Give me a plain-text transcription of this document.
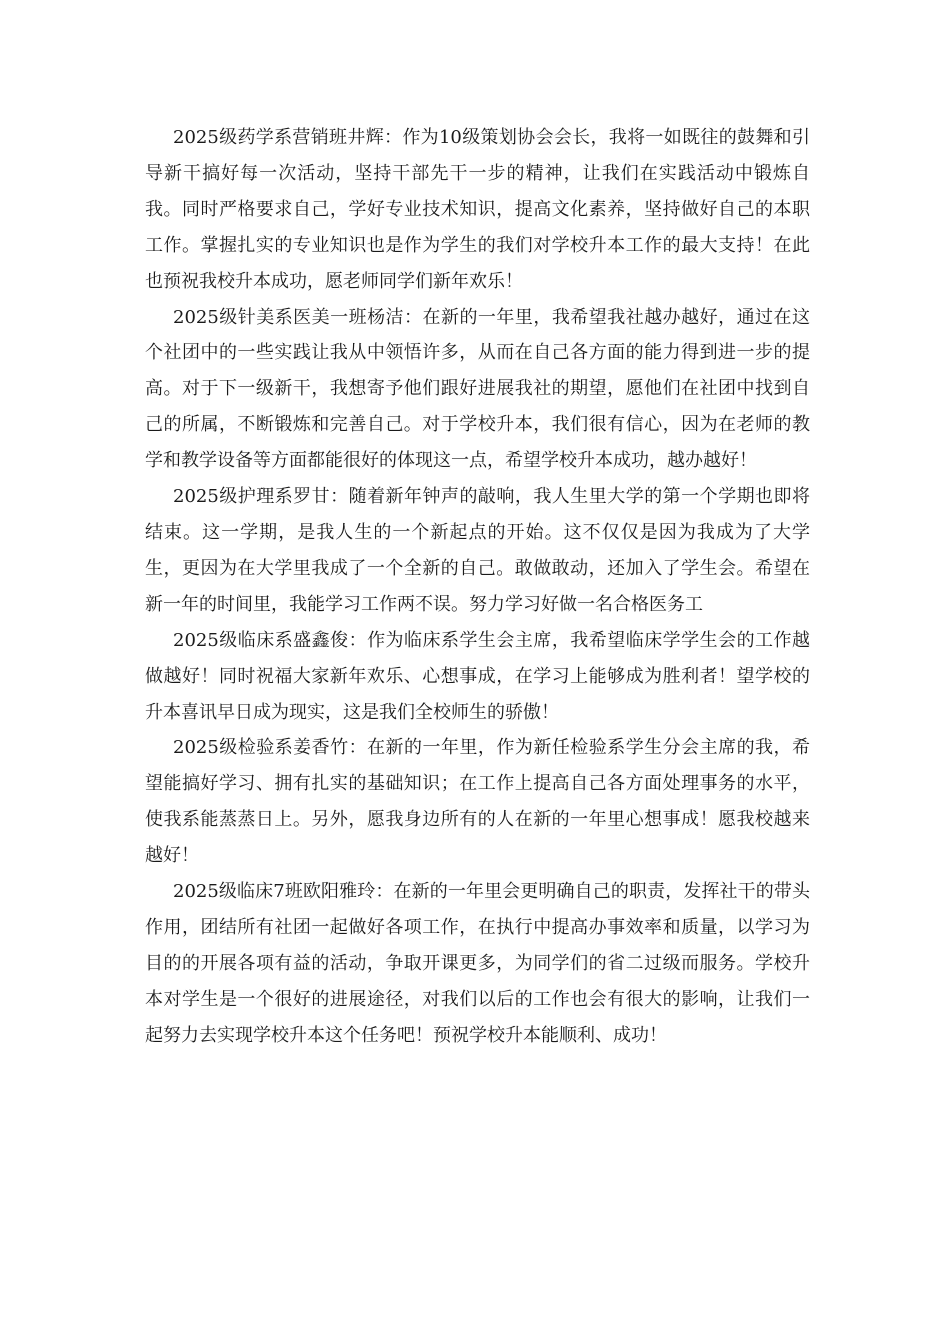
2025级药学系营销班井辉：作为10级策划协会会长，我将一如既往的鼓舞和引导新干搞好每一次活动，坚持干部先干一步的精神，让我们在实践活动中锻炼自我。同时严格要求自己，学好专业技术知识，提高文化素养，坚持做好自己的本职工作。掌握扎实的专业知识也是作为学生的我们对学校升本工作的最大支持！在此也预祝我校升本成功，愿老师同学们新年欢乐！

2025级针美系医美一班杨洁：在新的一年里，我希望我社越办越好，通过在这个社团中的一些实践让我从中领悟许多，从而在自己各方面的能力得到进一步的提高。对于下一级新干，我想寄予他们跟好进展我社的期望，愿他们在社团中找到自己的所属，不断锻炼和完善自己。对于学校升本，我们很有信心，因为在老师的教学和教学设备等方面都能很好的体现这一点，希望学校升本成功，越办越好！

2025级护理系罗甘：随着新年钟声的敲响，我人生里大学的第一个学期也即将结束。这一学期，是我人生的一个新起点的开始。这不仅仅是因为我成为了大学生，更因为在大学里我成了一个全新的自己。敢做敢动，还加入了学生会。希望在新一年的时间里，我能学习工作两不误。努力学习好做一名合格医务工

2025级临床系盛鑫俊：作为临床系学生会主席，我希望临床学学生会的工作越做越好！同时祝福大家新年欢乐、心想事成，在学习上能够成为胜利者！望学校的升本喜讯早日成为现实，这是我们全校师生的骄傲！

2025级检验系姜香竹：在新的一年里，作为新任检验系学生分会主席的我，希望能搞好学习、拥有扎实的基础知识；在工作上提高自己各方面处理事务的水平，使我系能蒸蒸日上。另外，愿我身边所有的人在新的一年里心想事成！愿我校越来越好！

2025级临床7班欧阳雅玲：在新的一年里会更明确自己的职责，发挥社干的带头作用，团结所有社团一起做好各项工作，在执行中提高办事效率和质量，以学习为目的的开展各项有益的活动，争取开课更多，为同学们的省二过级而服务。学校升本对学生是一个很好的进展途径，对我们以后的工作也会有很大的影响，让我们一起努力去实现学校升本这个任务吧！预祝学校升本能顺利、成功！
